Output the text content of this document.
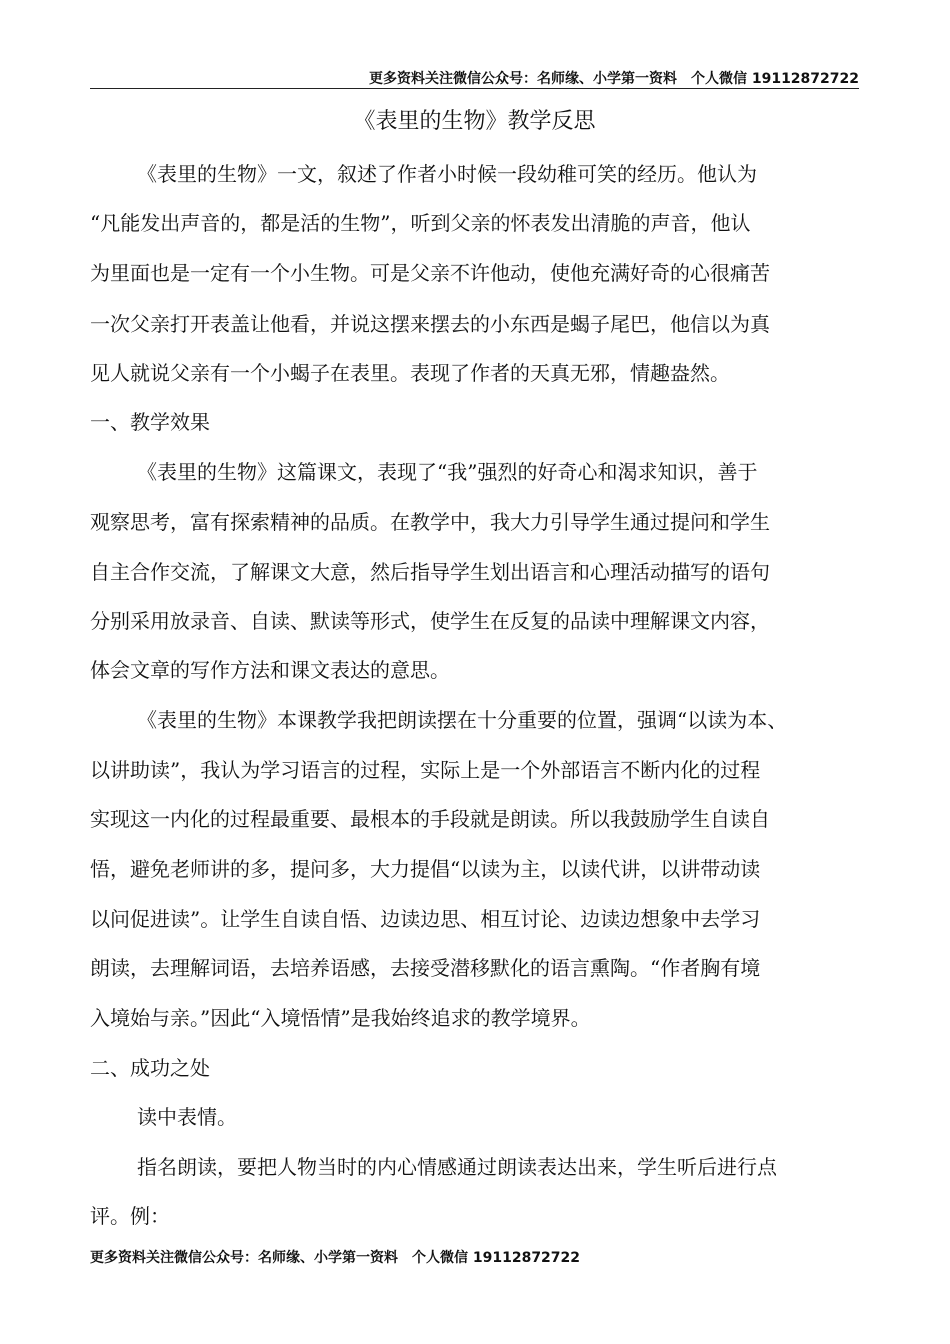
更多资料关注微信公众号：名师缘、小学第一资料　个人微信 19112872722
《表里的生物》教学反思
《表里的生物》一文，叙述了作者小时候一段幼稚可笑的经历。他认为
“凡能发出声音的，都是活的生物”，听到父亲的怀表发出清脆的声音，他认
为里面也是一定有一个小生物。可是父亲不许他动，使他充满好奇的心很痛苦
一次父亲打开表盖让他看，并说这摆来摆去的小东西是蝎子尾巴，他信以为真
见人就说父亲有一个小蝎子在表里。表现了作者的天真无邪，情趣盎然。
一、教学效果
《表里的生物》这篇课文，表现了“我”强烈的好奇心和渴求知识，善于
观察思考，富有探索精神的品质。在教学中，我大力引导学生通过提问和学生
自主合作交流，了解课文大意，然后指导学生划出语言和心理活动描写的语句
分别采用放录音、自读、默读等形式，使学生在反复的品读中理解课文内容，
体会文章的写作方法和课文表达的意思。
《表里的生物》本课教学我把朗读摆在十分重要的位置，强调“以读为本、
以讲助读”，我认为学习语言的过程，实际上是一个外部语言不断内化的过程
实现这一内化的过程最重要、最根本的手段就是朗读。所以我鼓励学生自读自
悟，避免老师讲的多，提问多，大力提倡“以读为主，以读代讲，以讲带动读
以问促进读”。让学生自读自悟、边读边思、相互讨论、边读边想象中去学习
朗读，去理解词语，去培养语感，去接受潜移默化的语言熏陶。“作者胸有境
入境始与亲。”因此“入境悟情”是我始终追求的教学境界。
二、成功之处
读中表情。
指名朗读，要把人物当时的内心情感通过朗读表达出来，学生听后进行点
评。例：
更多资料关注微信公众号：名师缘、小学第一资料　个人微信 19112872722
